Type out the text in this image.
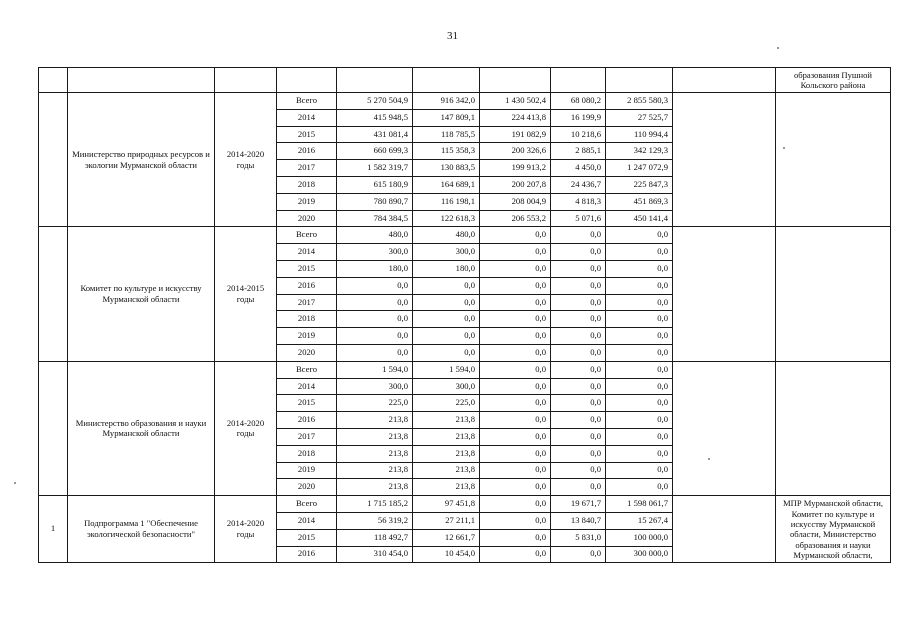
31
										образования Пушной Кольского района
	Министерство природных ресурсов и экологии Мурманской области	2014-2020 годы	Всего	5 270 504,9	916 342,0	1 430 502,4	68 080,2	2 855 580,3		
			2014	415 948,5	147 809,1	224 413,8	16 199,9	27 525,7		
			2015	431 081,4	118 785,5	191 082,9	10 218,6	110 994,4		
			2016	660 699,3	115 358,3	200 326,6	2 885,1	342 129,3		
			2017	1 582 319,7	130 883,5	199 913,2	4 450,0	1 247 072,9		
			2018	615 180,9	164 689,1	200 207,8	24 436,7	225 847,3		
			2019	780 890,7	116 198,1	208 004,9	4 818,3	451 869,3		
			2020	784 384,5	122 618,3	206 553,2	5 071,6	450 141,4		
	Комитет по культуре и искусству Мурманской области	2014-2015 годы	Всего	480,0	480,0	0,0	0,0	0,0		
			2014	300,0	300,0	0,0	0,0	0,0		
			2015	180,0	180,0	0,0	0,0	0,0		
			2016	0,0	0,0	0,0	0,0	0,0		
			2017	0,0	0,0	0,0	0,0	0,0		
			2018	0,0	0,0	0,0	0,0	0,0		
			2019	0,0	0,0	0,0	0,0	0,0		
			2020	0,0	0,0	0,0	0,0	0,0		
	Министерство образования и науки Мурманской области	2014-2020 годы	Всего	1 594,0	1 594,0	0,0	0,0	0,0		
			2014	300,0	300,0	0,0	0,0	0,0		
			2015	225,0	225,0	0,0	0,0	0,0		
			2016	213,8	213,8	0,0	0,0	0,0		
			2017	213,8	213,8	0,0	0,0	0,0		
			2018	213,8	213,8	0,0	0,0	0,0		
			2019	213,8	213,8	0,0	0,0	0,0		
			2020	213,8	213,8	0,0	0,0	0,0		
1	Подпрограмма 1 "Обеспечение экологической безопасности"	2014-2020 годы	Всего	1 715 185,2	97 451,8	0,0	19 671,7	1 598 061,7		МПР Мурманской области, Комитет по культуре и искусству Мурманской области, Министерство образования и науки Мурманской области,
			2014	56 319,2	27 211,1	0,0	13 840,7	15 267,4		
			2015	118 492,7	12 661,7	0,0	5 831,0	100 000,0		
			2016	310 454,0	10 454,0	0,0	0,0	300 000,0		
